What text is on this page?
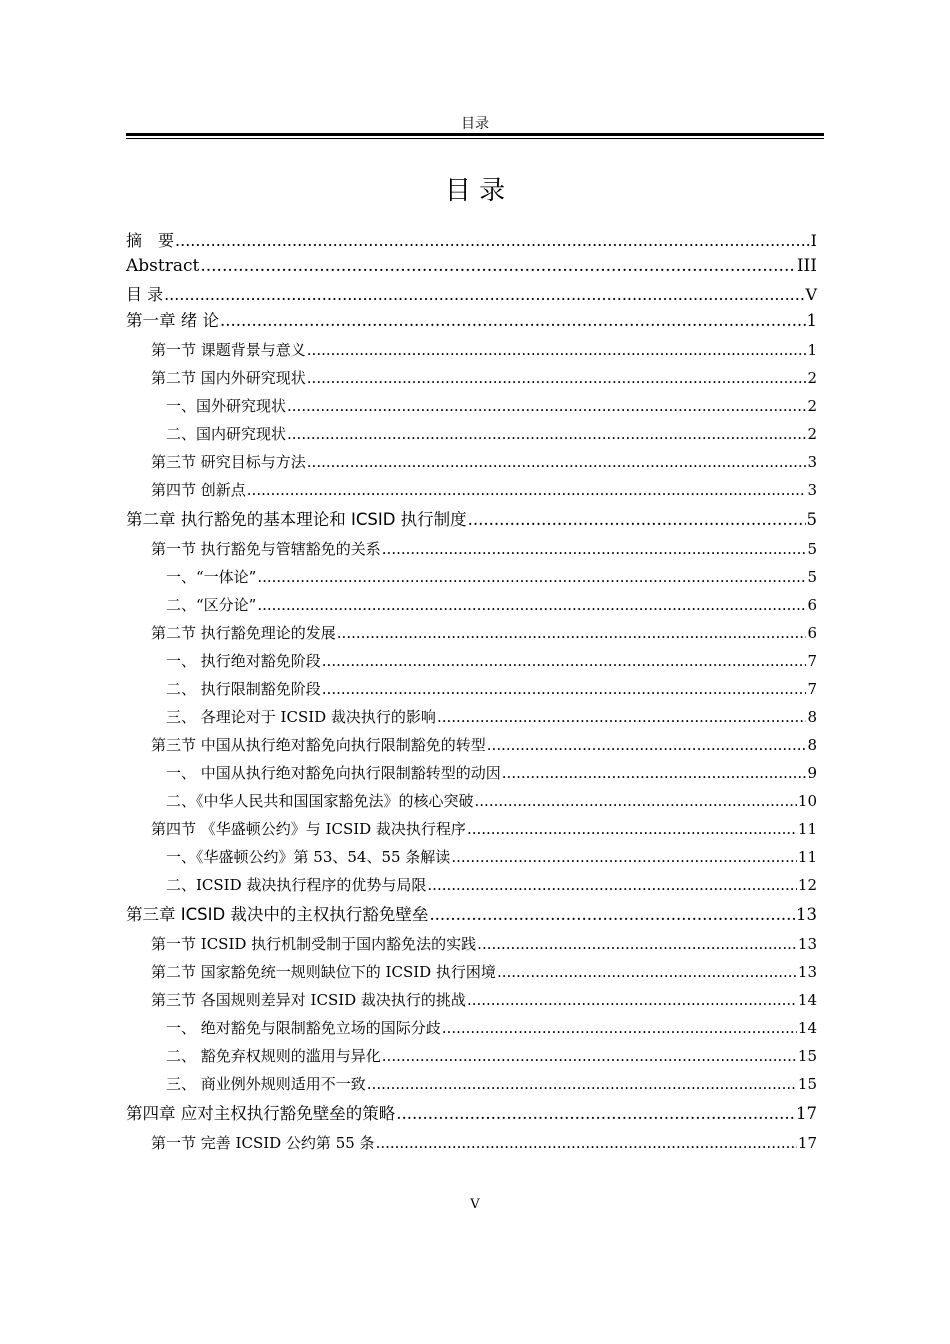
目录
目 录
摘　要 .....	I
Abstract .....	III
目 录 .....	V
第一章 绪 论 .....	1
第一节 课题背景与意义 .....	1
第二节 国内外研究现状 .....	2
一、国外研究现状 .....	2
二、国内研究现状 .....	2
第三节 研究目标与方法 .....	3
第四节 创新点 .....	3
第二章 执行豁免的基本理论和 ICSID 执行制度 .....	5
第一节 执行豁免与管辖豁免的关系 .....	5
一、“一体论” .....	5
二、“区分论” .....	6
第二节 执行豁免理论的发展 .....	6
一、 执行绝对豁免阶段 .....	7
二、 执行限制豁免阶段 .....	7
三、 各理论对于 ICSID 裁决执行的影响 .....	8
第三节 中国从执行绝对豁免向执行限制豁免的转型 .....	8
一、 中国从执行绝对豁免向执行限制豁转型的动因 .....	9
二、《中华人民共和国国家豁免法》的核心突破 .....	10
第四节 《华盛顿公约》与 ICSID 裁决执行程序 .....	11
一、《华盛顿公约》第 53、54、55 条解读 .....	11
二、ICSID 裁决执行程序的优势与局限 .....	12
第三章 ICSID 裁决中的主权执行豁免壁垒 .....	13
第一节 ICSID 执行机制受制于国内豁免法的实践 .....	13
第二节 国家豁免统一规则缺位下的 ICSID 执行困境 .....	13
第三节 各国规则差异对 ICSID 裁决执行的挑战 .....	14
一、 绝对豁免与限制豁免立场的国际分歧 .....	14
二、 豁免弃权规则的滥用与异化 .....	15
三、 商业例外规则适用不一致 .....	15
第四章 应对主权执行豁免壁垒的策略 .....	17
第一节 完善 ICSID 公约第 55 条 .....	17
V
